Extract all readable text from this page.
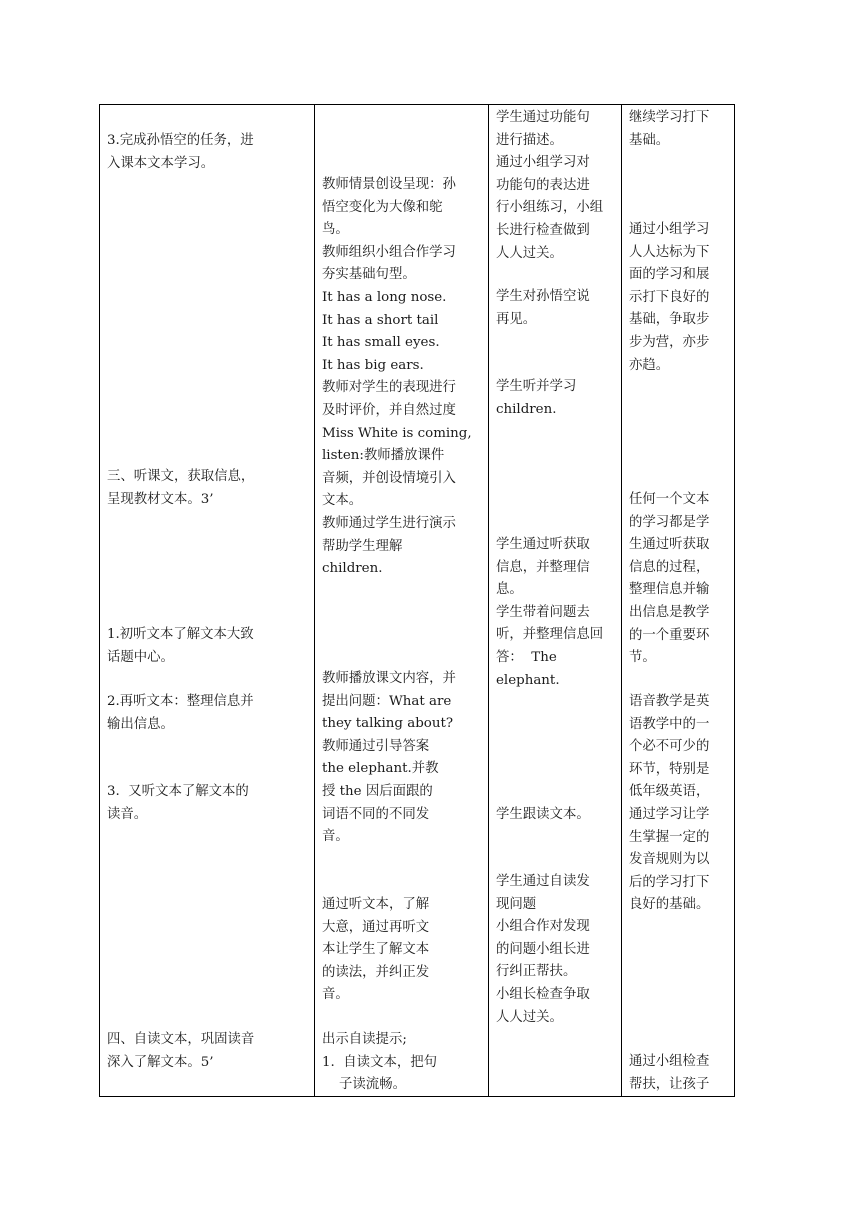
3.完成孙悟空的任务，进
入课本文本学习。
三、听课文，获取信息，
呈现教材文本。3’
1.初听文本了解文本大致
话题中心。
2.再听文本：整理信息并
输出信息。
3.  又听文本了解文本的
读音。
四、自读文本，巩固读音
深入了解文本。5’
教师情景创设呈现：孙
悟空变化为大像和鸵
鸟。
教师组织小组合作学习
夯实基础句型。
It has a long nose.
It has a short tail
It has small eyes.
It has big ears.
教师对学生的表现进行
及时评价，并自然过度
Miss White is coming,
listen:教师播放课件
音频，并创设情境引入
文本。
教师通过学生进行演示
帮助学生理解
children.
教师播放课文内容，并
提出问题：What are
they talking about?
教师通过引导答案
the elephant.并教
授 the 因后面跟的
词语不同的不同发
音。
通过听文本，了解
大意，通过再听文
本让学生了解文本
的读法，并纠正发
音。
出示自读提示;
1.  自读文本，把句
子读流畅。
学生通过功能句
进行描述。
通过小组学习对
功能句的表达进
行小组练习，小组
长进行检查做到
人人过关。
学生对孙悟空说
再见。
学生听并学习
children.
学生通过听获取
信息，并整理信
息。
学生带着问题去
听，并整理信息回
答：  The
elephant.
学生跟读文本。
学生通过自读发
现问题
小组合作对发现
的问题小组长进
行纠正帮扶。
小组长检查争取
人人过关。
继续学习打下
基础。
通过小组学习
人人达标为下
面的学习和展
示打下良好的
基础，争取步
步为营，亦步
亦趋。
任何一个文本
的学习都是学
生通过听获取
信息的过程，
整理信息并输
出信息是教学
的一个重要环
节。
语音教学是英
语教学中的一
个必不可少的
环节，特别是
低年级英语，
通过学习让学
生掌握一定的
发音规则为以
后的学习打下
良好的基础。
通过小组检查
帮扶，让孩子
